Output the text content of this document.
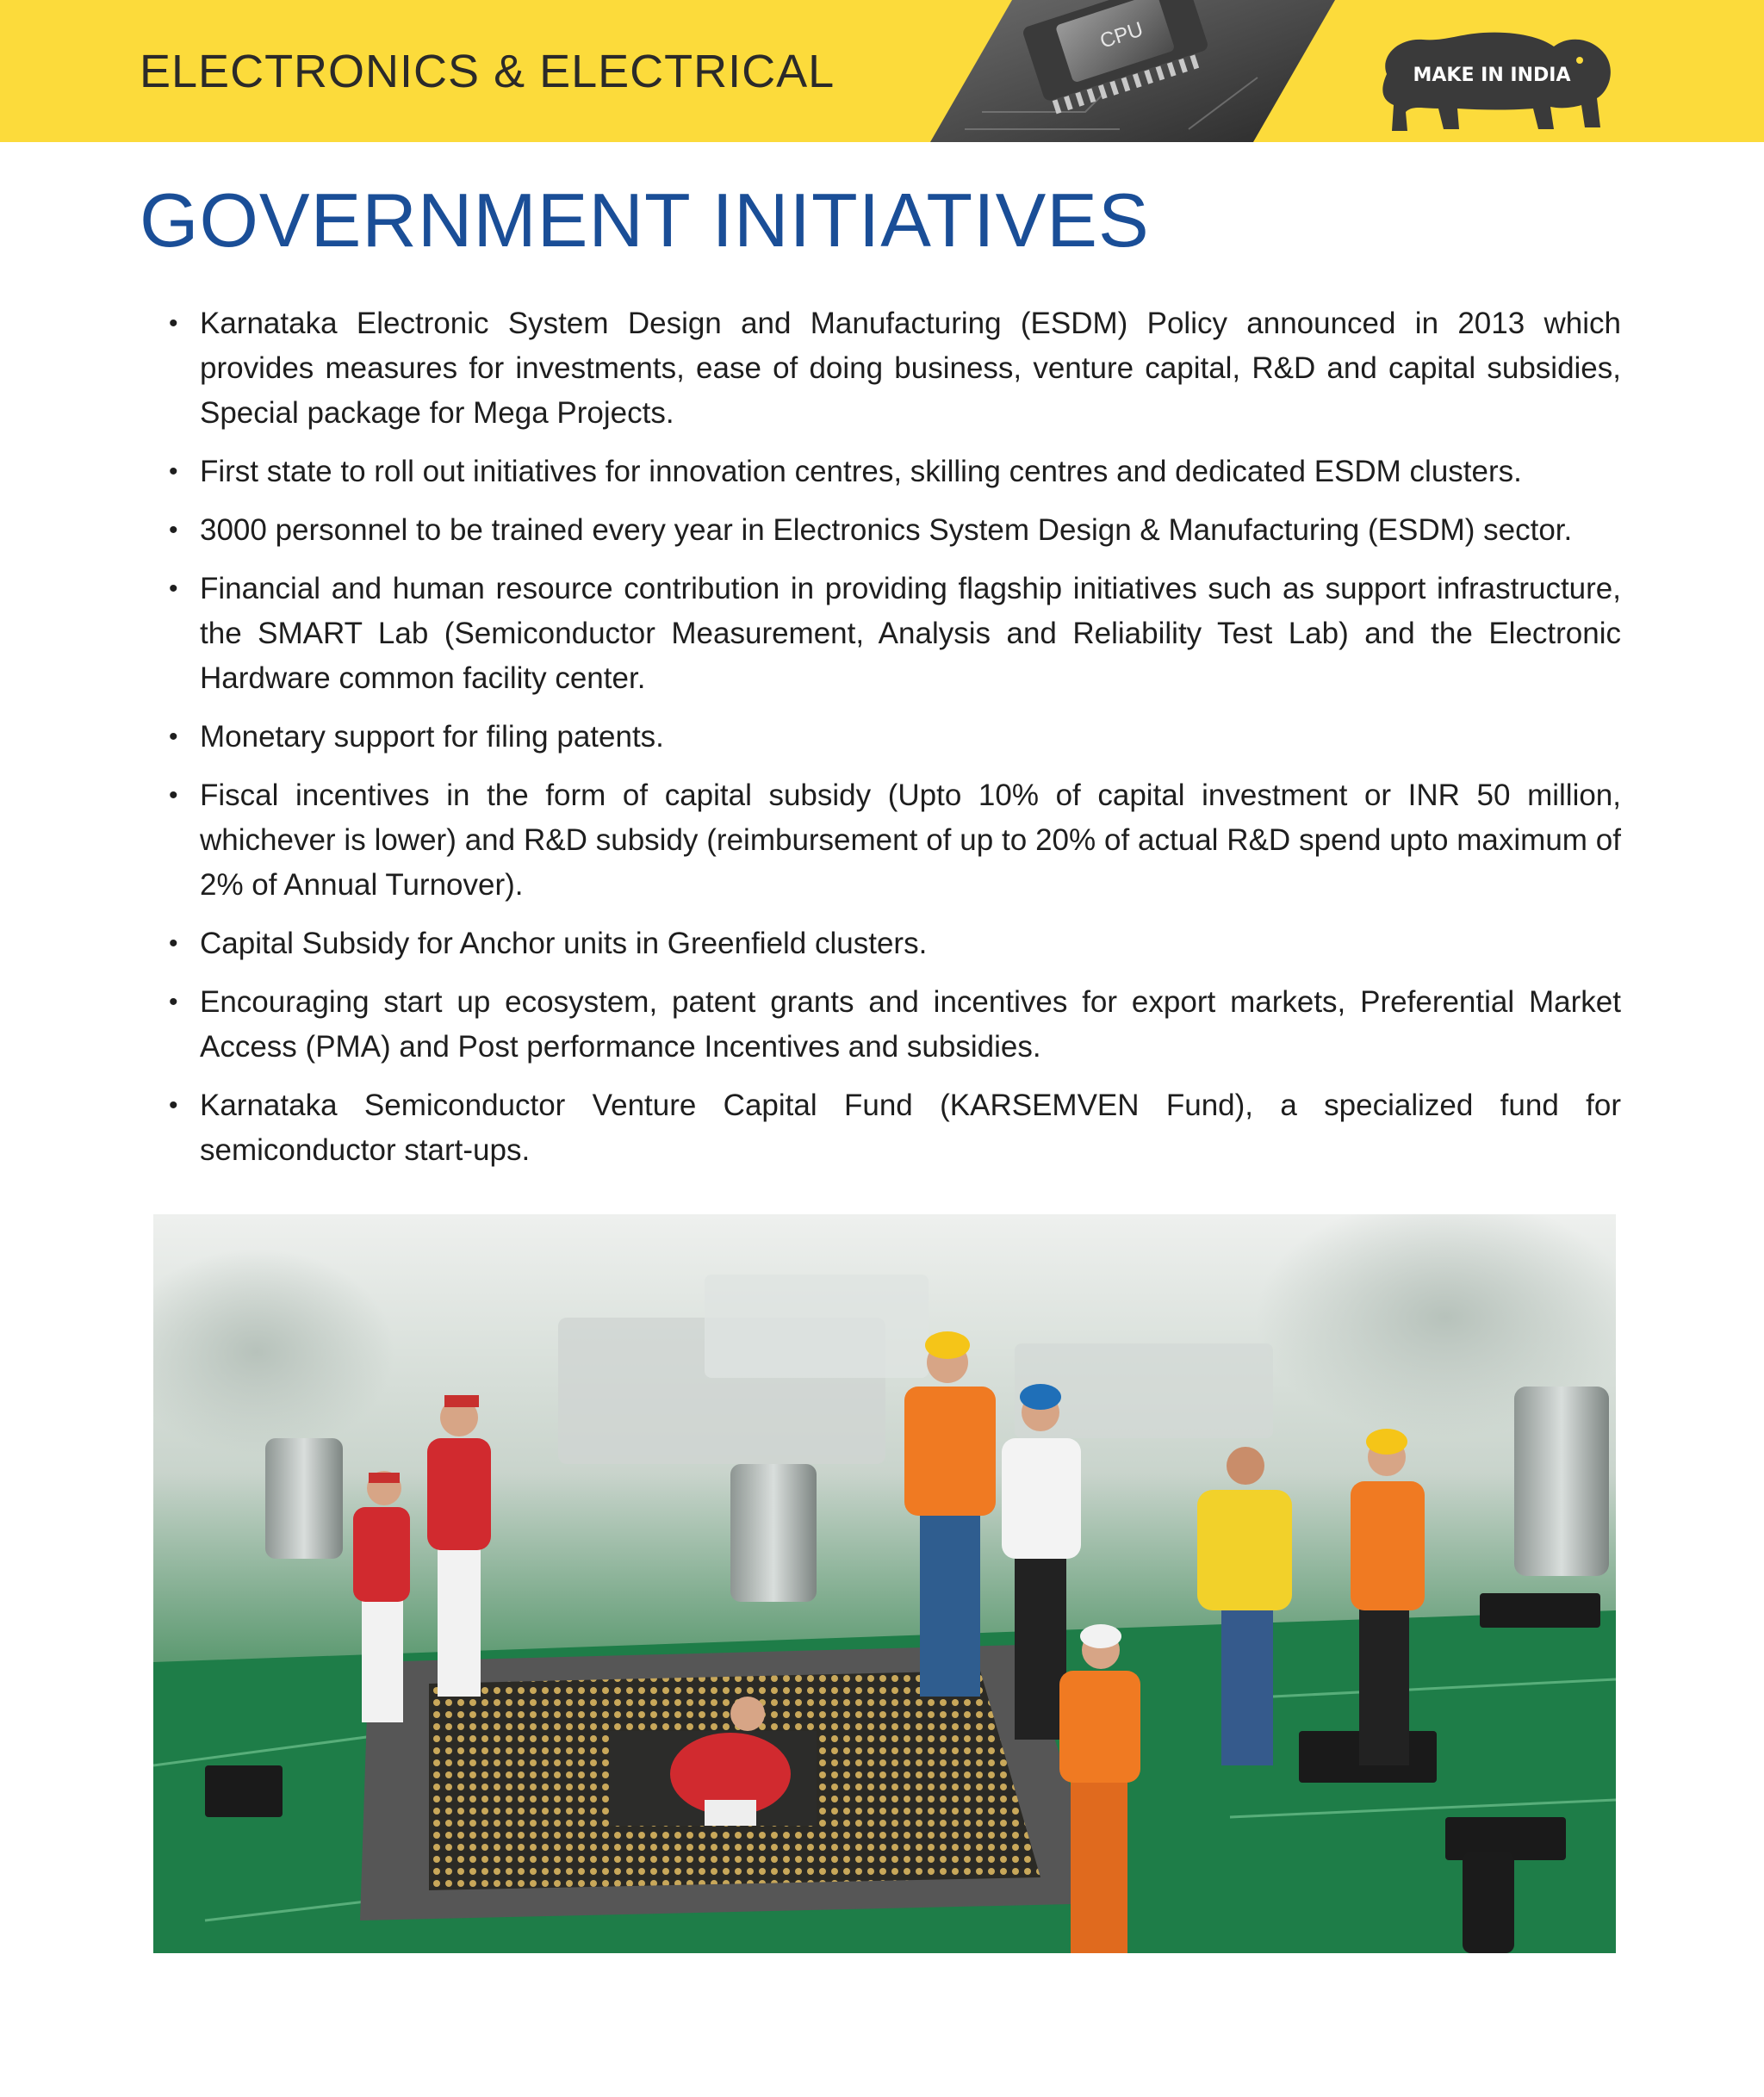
ELECTRONICS & ELECTRICAL
CPU
MAKE IN INDIA
GOVERNMENT INITIATIVES
• Karnataka Electronic System Design and Manufacturing (ESDM) Policy announced in 2013 which provides measures for investments, ease of doing business, venture capital, R&D and capital subsidies, Special package for Mega Projects.
• First state to roll out initiatives for innovation centres, skilling centres and dedicated ESDM clusters.
• 3000 personnel to be trained every year in Electronics System Design & Manufacturing (ESDM) sector.
• Financial and human resource contribution in providing flagship initiatives such as support infrastructure, the SMART Lab (Semiconductor Measurement, Analysis and Reliability Test Lab) and the Electronic Hardware common facility center.
• Monetary support for filing patents.
• Fiscal incentives in the form of capital subsidy (Upto 10% of capital investment or INR 50 million, whichever is lower) and R&D subsidy (reimbursement of up to 20% of actual R&D spend upto maximum of 2% of Annual Turnover).
• Capital Subsidy for Anchor units in Greenfield clusters.
• Encouraging start up ecosystem, patent grants and incentives for export markets, Preferential Market Access (PMA) and Post performance Incentives and subsidies.
• Karnataka Semiconductor Venture Capital Fund (KARSEMVEN Fund), a specialized fund for semiconductor start-ups.
